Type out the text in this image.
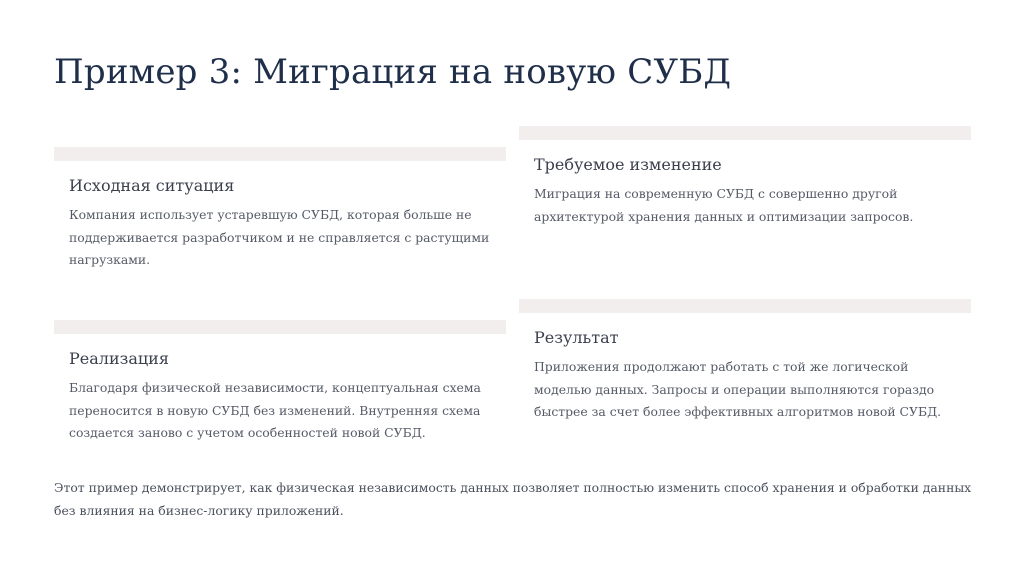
Пример 3: Миграция на новую СУБД
Исходная ситуация

Компания использует устаревшую СУБД, которая больше не поддерживается разработчиком и не справляется с растущими нагрузками.

Требуемое изменение

Миграция на современную СУБД с совершенно другой архитектурой хранения данных и оптимизации запросов.

Реализация

Благодаря физической независимости, концептуальная схема переносится в новую СУБД без изменений. Внутренняя схема создается заново с учетом особенностей новой СУБД.

Результат

Приложения продолжают работать с той же логической моделью данных. Запросы и операции выполняются гораздо быстрее за счет более эффективных алгоритмов новой СУБД.

Этот пример демонстрирует, как физическая независимость данных позволяет полностью изменить способ хранения и обработки данных без влияния на бизнес-логику приложений.
